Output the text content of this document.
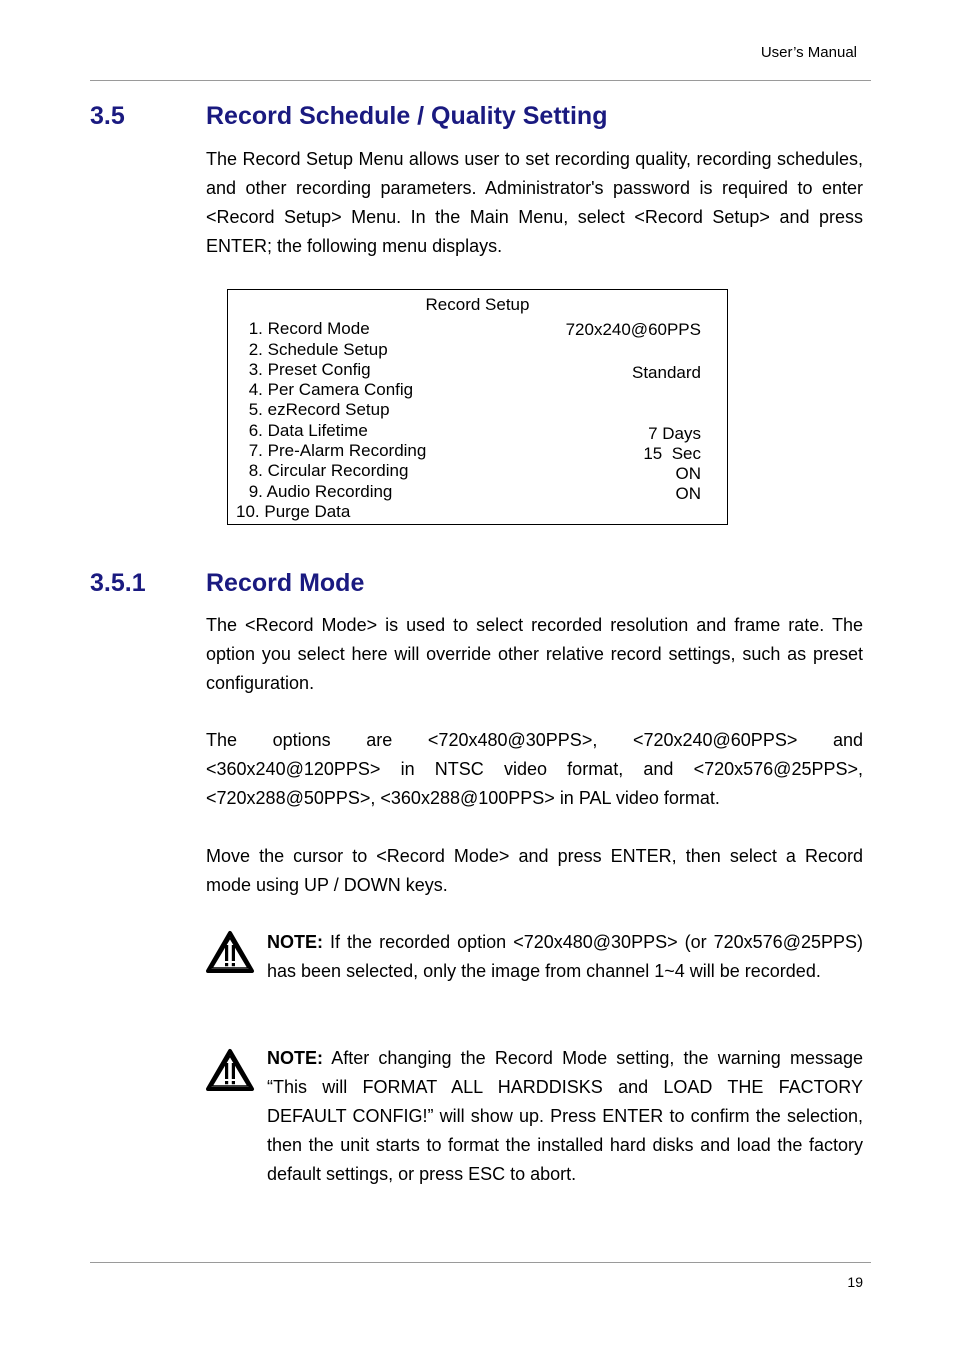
User’s Manual
3.5	Record Schedule / Quality Setting

The Record Setup Menu allows user to set recording quality, recording schedules, and other recording parameters. Administrator's password is required to enter <Record Setup> Menu. In the Main Menu, select <Record Setup> and press ENTER; the following menu displays.

Record Setup
1. Record Mode
2. Schedule Setup
3. Preset Config
4. Per Camera Config
5. ezRecord Setup
6. Data Lifetime
7. Pre-Alarm Recording
8. Circular Recording
9. Audio Recording
10. Purge Data
720x240@60PPS
Standard
7 Days
15  Sec
ON
ON
3.5.1 Record Mode

The <Record Mode> is used to select recorded resolution and frame rate. The option you select here will override other relative record settings, such as preset configuration.

The options are <720x480@30PPS>, <720x240@60PPS> and <360x240@120PPS> in NTSC video format, and <720x576@25PPS>, <720x288@50PPS>, <360x288@100PPS> in PAL video format.

Move the cursor to <Record Mode> and press ENTER, then select a Record mode using UP / DOWN keys.

NOTE: If the recorded option <720x480@30PPS> (or 720x576@25PPS) has been selected, only the image from channel 1~4 will be recorded.

NOTE: After changing the Record Mode setting, the warning message “This will FORMAT ALL HARDDISKS and LOAD THE FACTORY DEFAULT CONFIG!” will show up. Press ENTER to confirm the selection, then the unit starts to format the installed hard disks and load the factory default settings, or press ESC to abort.

19
